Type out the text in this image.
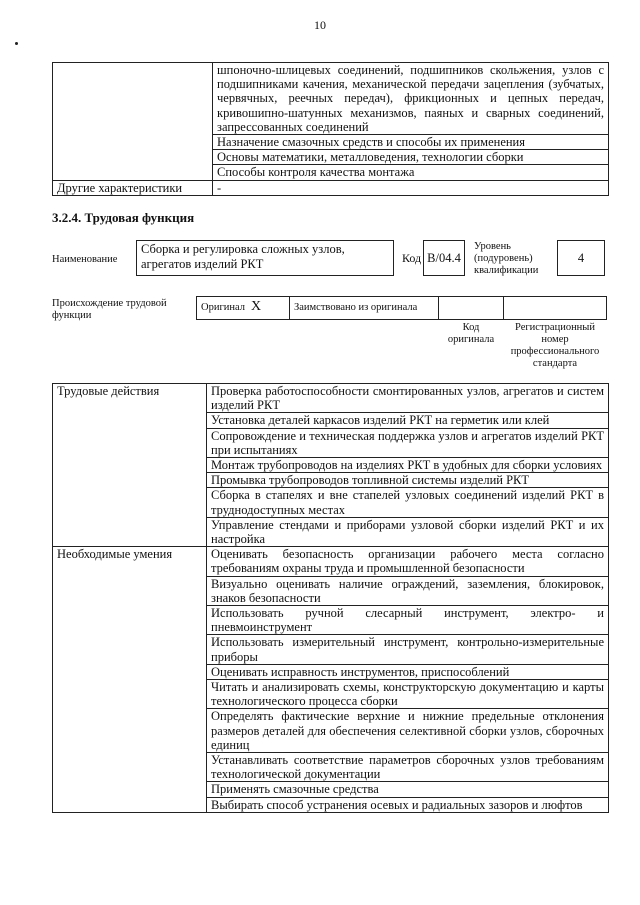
10
	шпоночно-шлицевых соединений, подшипников скольжения, узлов с подшипниками качения, механической передачи зацепления (зубчатых, червячных, реечных передач), фрикционных и цепных передач, кривошипно-шатунных механизмов, паяных и сварных соединений, запрессованных соединений
	Назначение смазочных средств и способы их применения
	Основы математики, металловедения, технологии сборки
	Способы контроля качества монтажа
Другие характеристики	-
3.2.4. Трудовая функция
Наименование
Сборка и регулировка сложных узлов, агрегатов изделий РКТ	Код B/04.4
Уровень (подуровень) квалификации
4
Происхождение трудовой функции
Оригинал X	Заимствовано из оригинала
Код оригинала
Регистрационный номер профессионального стандарта
Трудовые действия	Проверка работоспособности смонтированных узлов, агрегатов и систем изделий РКТ
	Установка деталей каркасов изделий РКТ на герметик или клей
	Сопровождение и техническая поддержка узлов и агрегатов изделий РКТ при испытаниях
	Монтаж трубопроводов на изделиях РКТ в удобных для сборки условиях
	Промывка трубопроводов топливной системы изделий РКТ
	Сборка в стапелях и вне стапелей узловых соединений изделий РКТ в труднодоступных местах
	Управление стендами и приборами узловой сборки изделий РКТ и их настройка
Необходимые умения	Оценивать безопасность организации рабочего места согласно требованиям охраны труда и промышленной безопасности
	Визуально оценивать наличие ограждений, заземления, блокировок, знаков безопасности
	Использовать ручной слесарный инструмент, электро- и пневмоинструмент
	Использовать измерительный инструмент, контрольно-измерительные приборы
	Оценивать исправность инструментов, приспособлений
	Читать и анализировать схемы, конструкторскую документацию и карты технологического процесса сборки
	Определять фактические верхние и нижние предельные отклонения размеров деталей для обеспечения селективной сборки узлов, сборочных единиц
	Устанавливать соответствие параметров сборочных узлов требованиям технологической документации
	Применять смазочные средства
	Выбирать способ устранения осевых и радиальных зазоров и люфтов
